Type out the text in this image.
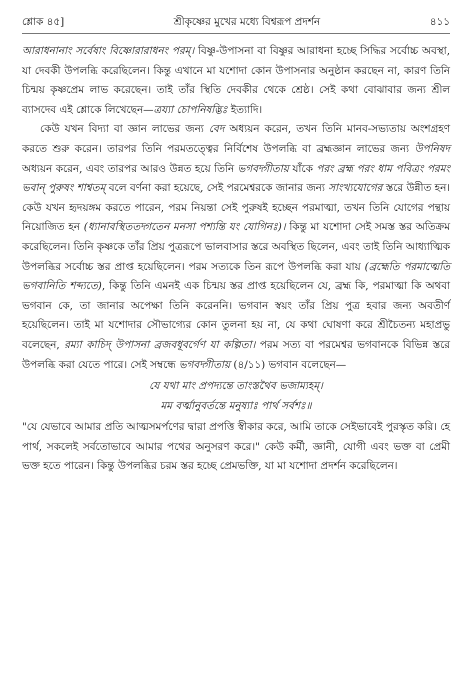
শ্লোক ৪৫]	শ্রীকৃষ্ণের মুখের মধ্যে বিশ্বরূপ প্রদর্শন	৪১১

আরাধনানাং সর্বেষাং বিষ্ণোরারাধনং পরম্। বিষ্ণু-উপাসনা বা বিষ্ণুর আরাধনা হচ্ছে সিদ্ধির সর্বোচ্চ অবস্থা, যা দেবকী উপলব্ধি করেছিলেন। কিন্তু এখানে মা যশোদা কোন উপাসনার অনুষ্ঠান করছেন না, কারণ তিনি চিন্ময় কৃষ্ণপ্রেম লাভ করেছেন। তাই তাঁর স্থিতি দেবকীর থেকে শ্রেষ্ঠ। সেই কথা বোঝাবার জন্য শ্রীল ব্যাসদেব এই শ্লোকে লিখেছেন—ত্রয্যা চোপনিষদ্ভিঃ ইত্যাদি।

কেউ যখন বিদ্যা বা জ্ঞান লাভের জন্য বেদ অধ্যয়ন করেন, তখন তিনি মানব-সভ্যতায় অংশগ্রহণ করতে শুরু করেন। তারপর তিনি পরমতত্ত্বের নির্বিশেষ উপলব্ধি বা ব্রহ্মজ্ঞান লাভের জন্য উপনিষদ অধ্যয়ন করেন, এবং তারপর আরও উন্নত হয়ে তিনি ভগবদ্গীতায় যাঁকে পরং ব্রহ্ম পরং ধাম পবিত্রং পরমং ভবান্ পুরুষং শাশ্বতম্ বলে বর্ণনা করা হয়েছে, সেই পরমেশ্বরকে জানার জন্য সাংখ্যযোগের স্তরে উন্নীত হন। কেউ যখন হৃদয়ঙ্গম করতে পারেন, পরম নিয়ন্তা সেই পুরুষই হচ্ছেন পরমাত্মা, তখন তিনি যোগের পন্থায় নিয়োজিত হন (ধ্যানাবস্থিততদ্গতেন মনসা পশ্যন্তি যং যোগিনঃ)। কিন্তু মা যশোদা সেই সমস্ত স্তর অতিক্রম করেছিলেন। তিনি কৃষ্ণকে তাঁর প্রিয় পুত্ররূপে ভালবাসার স্তরে অবস্থিত ছিলেন, এবং তাই তিনি আধ্যাত্মিক উপলব্ধির সর্বোচ্চ স্তর প্রাপ্ত হয়েছিলেন। পরম সত্যকে তিন রূপে উপলব্ধি করা যায় (ব্রহ্মেতি পরমাত্মেতি ভগবানিতি শব্দ্যতে), কিন্তু তিনি এমনই এক চিন্ময় স্তর প্রাপ্ত হয়েছিলেন যে, ব্রহ্ম কি, পরমাত্মা কি অথবা ভগবান কে, তা জানার অপেক্ষা তিনি করেননি। ভগবান স্বয়ং তাঁর প্রিয় পুত্র হবার জন্য অবতীর্ণ হয়েছিলেন। তাই মা যশোদার সৌভাগ্যের কোন তুলনা হয় না, যে কথা ঘোষণা করে শ্রীচৈতন্য মহাপ্রভু বলেছেন, রম্যা কাচিদ্ উপাসনা ব্রজবধূবর্গেণ যা কল্পিতা। পরম সত্য বা পরমেশ্বর ভগবানকে বিভিন্ন স্তরে উপলব্ধি করা যেতে পারে। সেই সম্বন্ধে ভগবদ্গীতায় (৪/১১) ভগবান বলেছেন—

যে যথা মাং প্রপদ্যন্তে তাংস্তথৈব ভজাম্যহম্।
মম বর্ত্মানুবর্তন্তে মনুষ্যাঃ পার্থ সর্বশঃ॥

"যে যেভাবে আমার প্রতি আত্মসমর্পণের দ্বারা প্রপত্তি স্বীকার করে, আমি তাকে সেইভাবেই পুরস্কৃত করি। হে পার্থ, সকলেই সর্বতোভাবে আমার পথের অনুসরণ করে।" কেউ কর্মী, জ্ঞানী, যোগী এবং ভক্ত বা প্রেমী ভক্ত হতে পারেন। কিন্তু উপলব্ধির চরম স্তর হচ্ছে প্রেমভক্তি, যা মা যশোদা প্রদর্শন করেছিলেন।
